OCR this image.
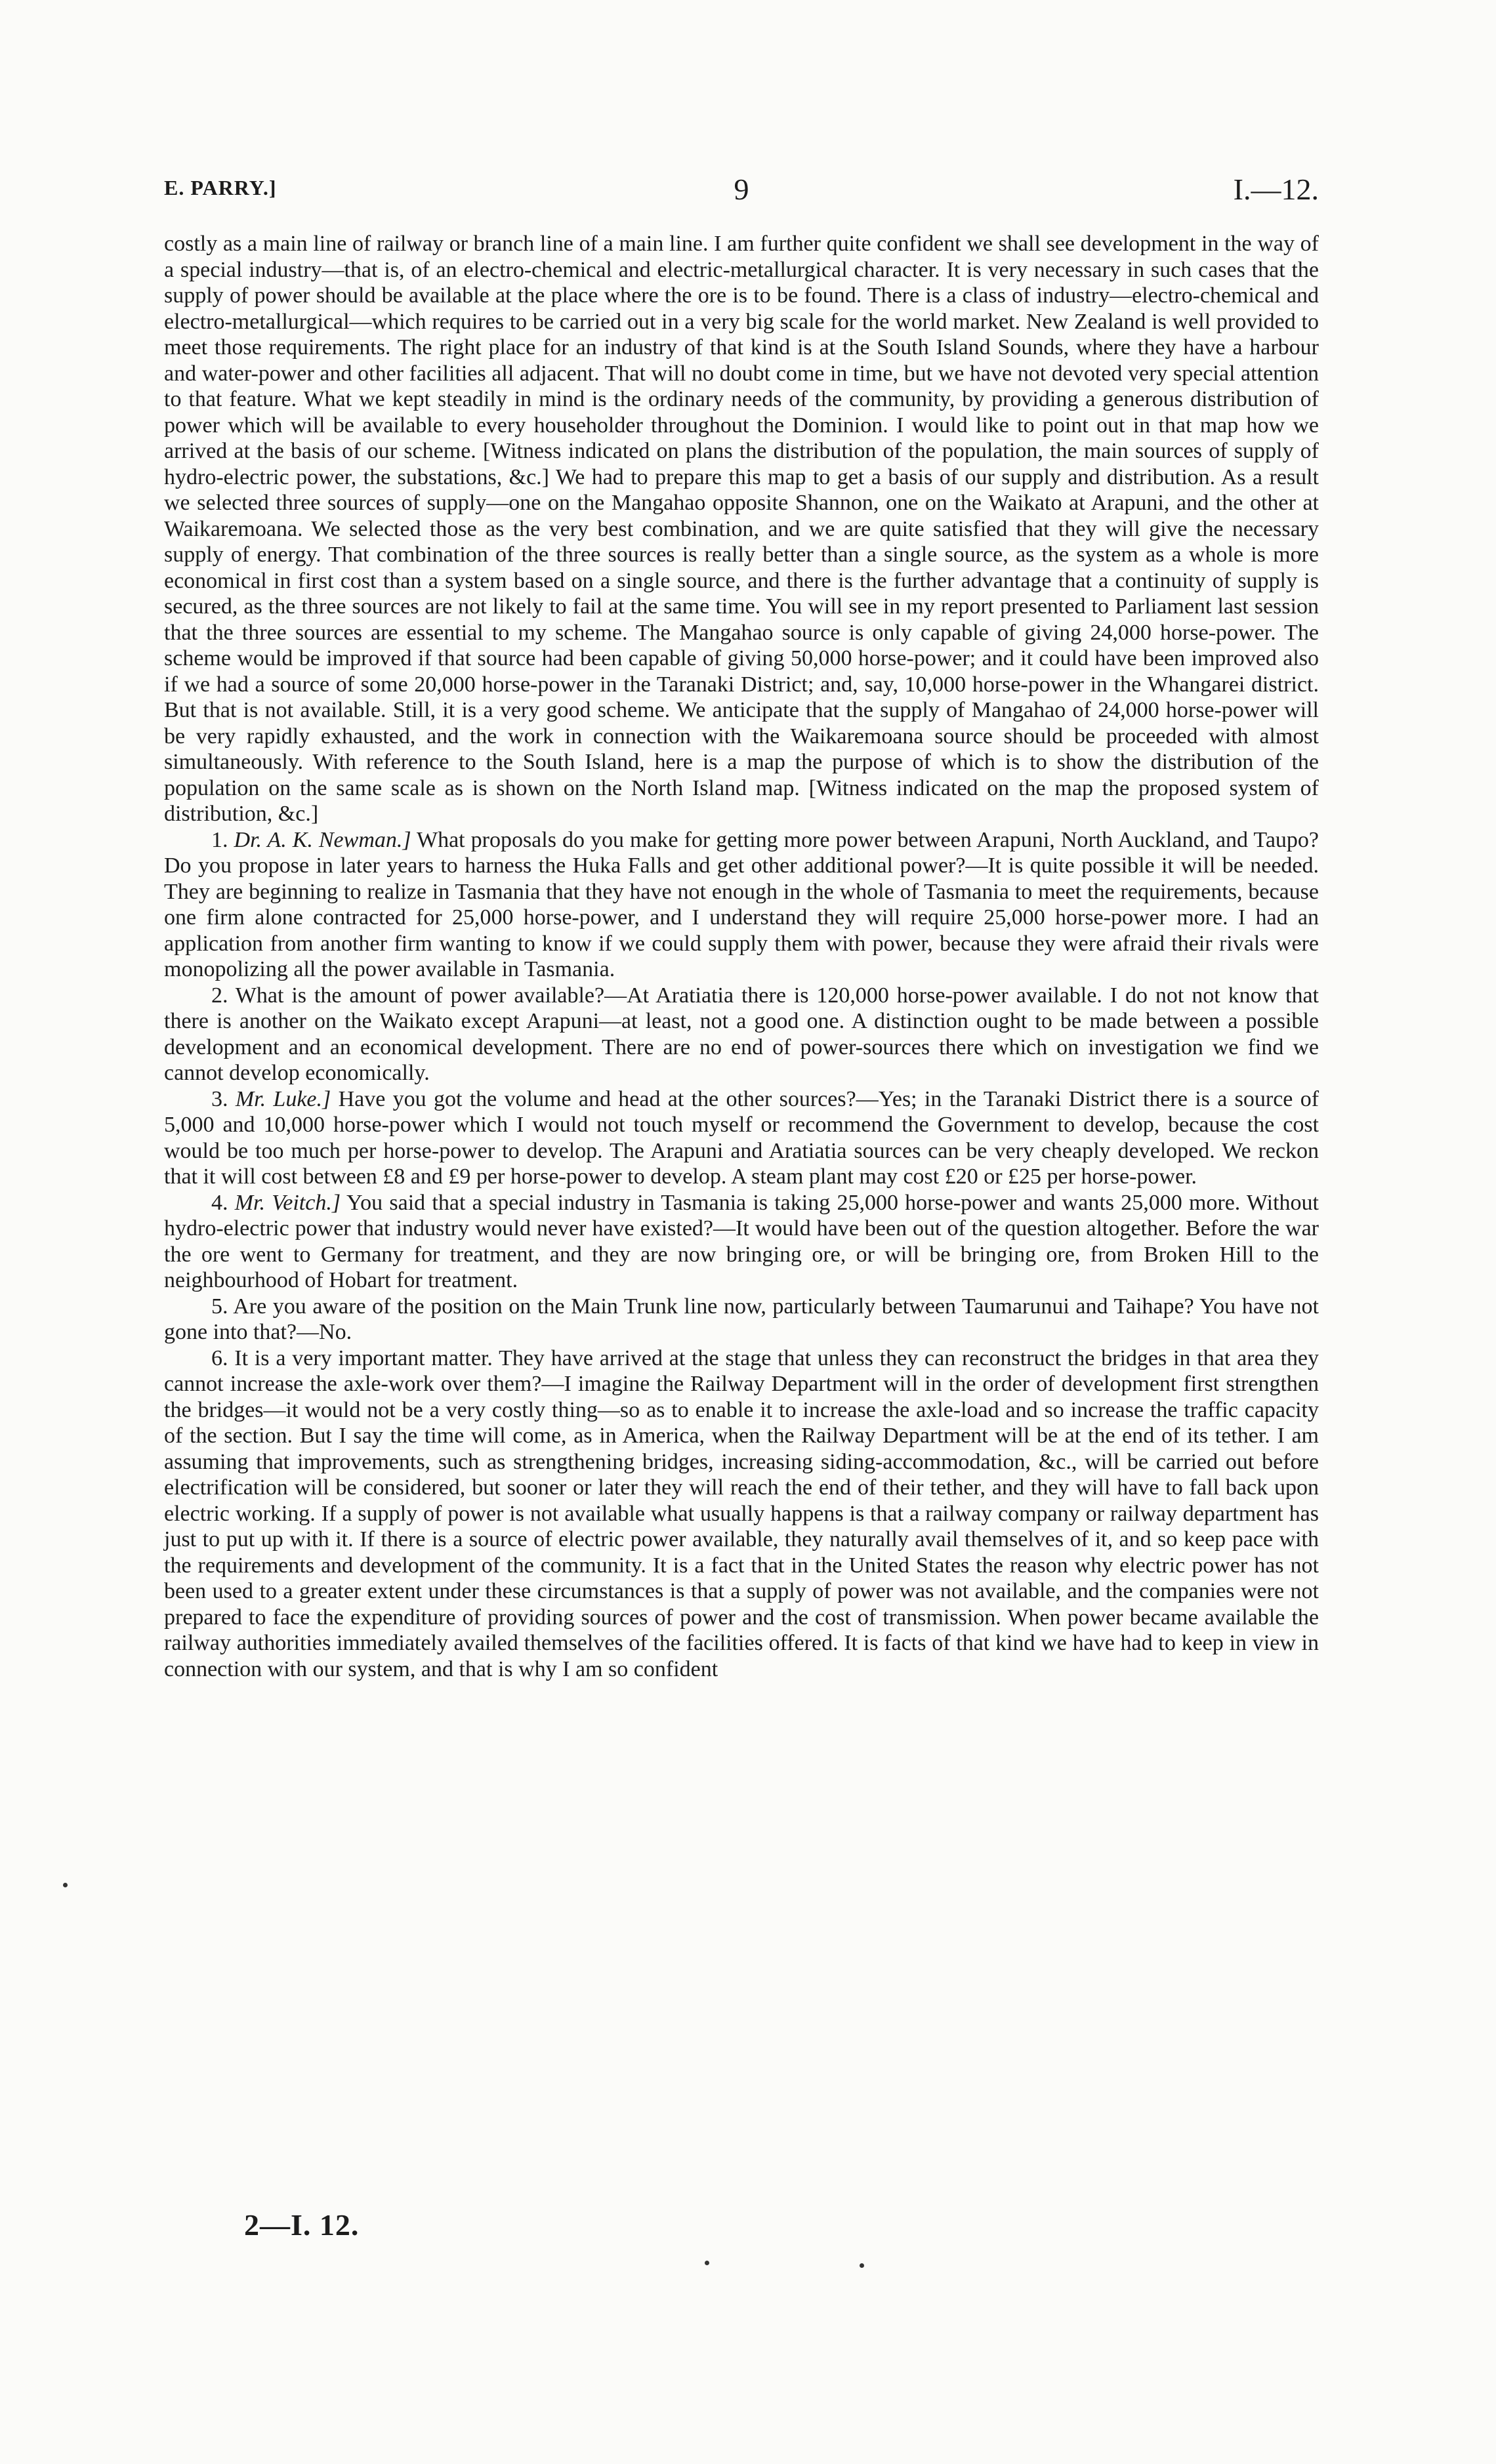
E. PARRY.]	9	I.—12.

costly as a main line of railway or branch line of a main line. I am further quite confident we shall see development in the way of a special industry—that is, of an electro-chemical and electric-metallurgical character. It is very necessary in such cases that the supply of power should be available at the place where the ore is to be found. There is a class of industry—electro-chemical and electro-metallurgical—which requires to be carried out in a very big scale for the world market. New Zealand is well provided to meet those requirements. The right place for an industry of that kind is at the South Island Sounds, where they have a harbour and water-power and other facilities all adjacent. That will no doubt come in time, but we have not devoted very special attention to that feature. What we kept steadily in mind is the ordinary needs of the community, by providing a generous distribution of power which will be available to every householder throughout the Dominion. I would like to point out in that map how we arrived at the basis of our scheme. [Witness indicated on plans the distribution of the population, the main sources of supply of hydro-electric power, the substations, &c.] We had to prepare this map to get a basis of our supply and distribution. As a result we selected three sources of supply—one on the Mangahao opposite Shannon, one on the Waikato at Arapuni, and the other at Waikaremoana. We selected those as the very best combination, and we are quite satisfied that they will give the necessary supply of energy. That combination of the three sources is really better than a single source, as the system as a whole is more economical in first cost than a system based on a single source, and there is the further advantage that a continuity of supply is secured, as the three sources are not likely to fail at the same time. You will see in my report presented to Parliament last session that the three sources are essential to my scheme. The Mangahao source is only capable of giving 24,000 horse-power. The scheme would be improved if that source had been capable of giving 50,000 horse-power; and it could have been improved also if we had a source of some 20,000 horse-power in the Taranaki District; and, say, 10,000 horse-power in the Whangarei district. But that is not available. Still, it is a very good scheme. We anticipate that the supply of Mangahao of 24,000 horse-power will be very rapidly exhausted, and the work in connection with the Waikaremoana source should be proceeded with almost simultaneously. With reference to the South Island, here is a map the purpose of which is to show the distribution of the population on the same scale as is shown on the North Island map. [Witness indicated on the map the proposed system of distribution, &c.]

1. Dr. A. K. Newman.] What proposals do you make for getting more power between Arapuni, North Auckland, and Taupo? Do you propose in later years to harness the Huka Falls and get other additional power?—It is quite possible it will be needed. They are beginning to realize in Tasmania that they have not enough in the whole of Tasmania to meet the requirements, because one firm alone contracted for 25,000 horse-power, and I understand they will require 25,000 horse-power more. I had an application from another firm wanting to know if we could supply them with power, because they were afraid their rivals were monopolizing all the power available in Tasmania.

2. What is the amount of power available?—At Aratiatia there is 120,000 horse-power available. I do not not know that there is another on the Waikato except Arapuni—at least, not a good one. A distinction ought to be made between a possible development and an economical development. There are no end of power-sources there which on investigation we find we cannot develop economically.

3. Mr. Luke.] Have you got the volume and head at the other sources?—Yes; in the Taranaki District there is a source of 5,000 and 10,000 horse-power which I would not touch myself or recommend the Government to develop, because the cost would be too much per horse-power to develop. The Arapuni and Aratiatia sources can be very cheaply developed. We reckon that it will cost between £8 and £9 per horse-power to develop. A steam plant may cost £20 or £25 per horse-power.

4. Mr. Veitch.] You said that a special industry in Tasmania is taking 25,000 horse-power and wants 25,000 more. Without hydro-electric power that industry would never have existed?—It would have been out of the question altogether. Before the war the ore went to Germany for treatment, and they are now bringing ore, or will be bringing ore, from Broken Hill to the neighbourhood of Hobart for treatment.

5. Are you aware of the position on the Main Trunk line now, particularly between Taumarunui and Taihape? You have not gone into that?—No.

6. It is a very important matter. They have arrived at the stage that unless they can reconstruct the bridges in that area they cannot increase the axle-work over them?—I imagine the Railway Department will in the order of development first strengthen the bridges—it would not be a very costly thing—so as to enable it to increase the axle-load and so increase the traffic capacity of the section. But I say the time will come, as in America, when the Railway Department will be at the end of its tether. I am assuming that improvements, such as strengthening bridges, increasing siding-accommodation, &c., will be carried out before electrification will be considered, but sooner or later they will reach the end of their tether, and they will have to fall back upon electric working. If a supply of power is not available what usually happens is that a railway company or railway department has just to put up with it. If there is a source of electric power available, they naturally avail themselves of it, and so keep pace with the requirements and development of the community. It is a fact that in the United States the reason why electric power has not been used to a greater extent under these circumstances is that a supply of power was not available, and the companies were not prepared to face the expenditure of providing sources of power and the cost of transmission. When power became available the railway authorities immediately availed themselves of the facilities offered. It is facts of that kind we have had to keep in view in connection with our system, and that is why I am so confident

2—I. 12.
